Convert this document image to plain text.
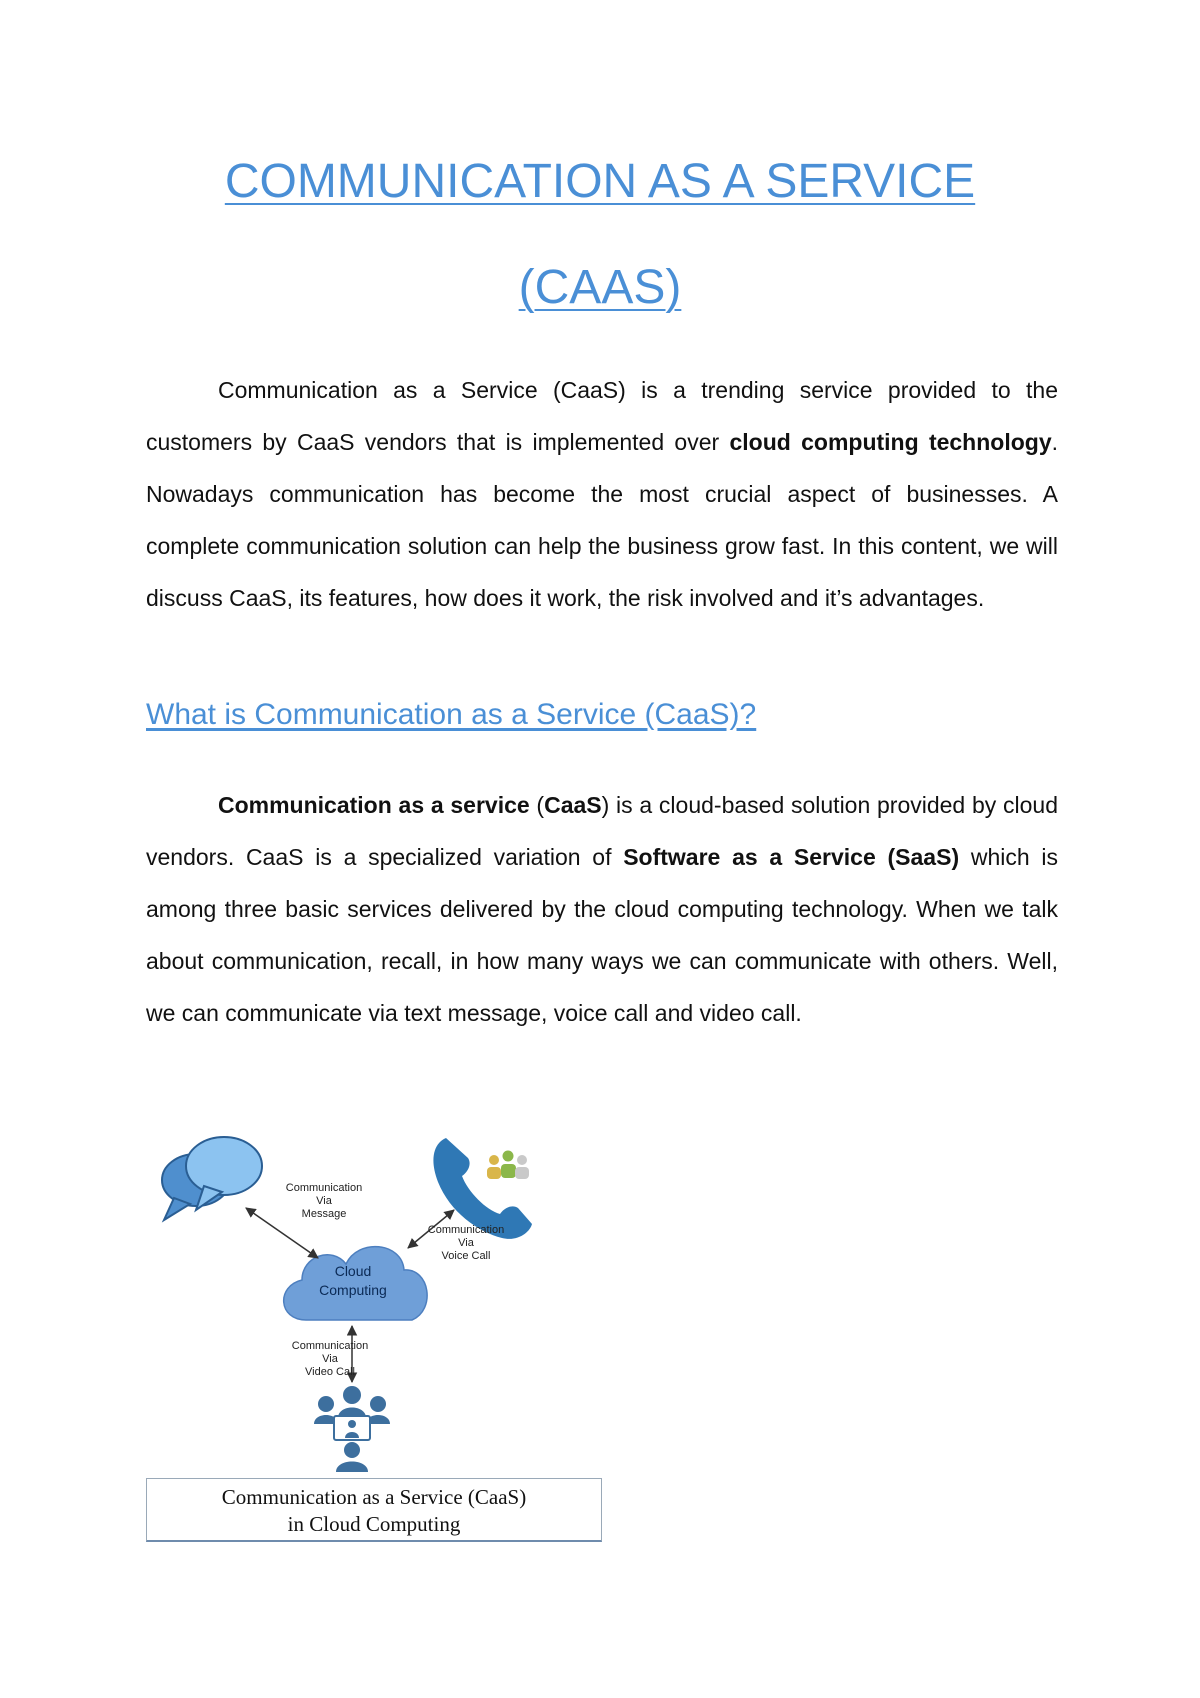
COMMUNICATION AS A SERVICE
(CAAS)

Communication as a Service (CaaS) is a trending service provided to the customers by CaaS vendors that is implemented over cloud computing technology. Nowadays communication has become the most crucial aspect of businesses. A complete communication solution can help the business grow fast. In this content, we will discuss CaaS, its features, how does it work, the risk involved and it’s advantages.

What is Communication as a Service (CaaS)?

Communication as a service (CaaS) is a cloud-based solution provided by cloud vendors. CaaS is a specialized variation of Software as a Service (SaaS) which is among three basic services delivered by the cloud computing technology. When we talk about communication, recall, in how many ways we can communicate with others. Well, we can communicate via text message, voice call and video call.

Communication
Via
Message
Communication
Via
Voice Call
Communication
Via
Video Call
Cloud
Computing
Communication as a Service (CaaS)
in Cloud Computing
